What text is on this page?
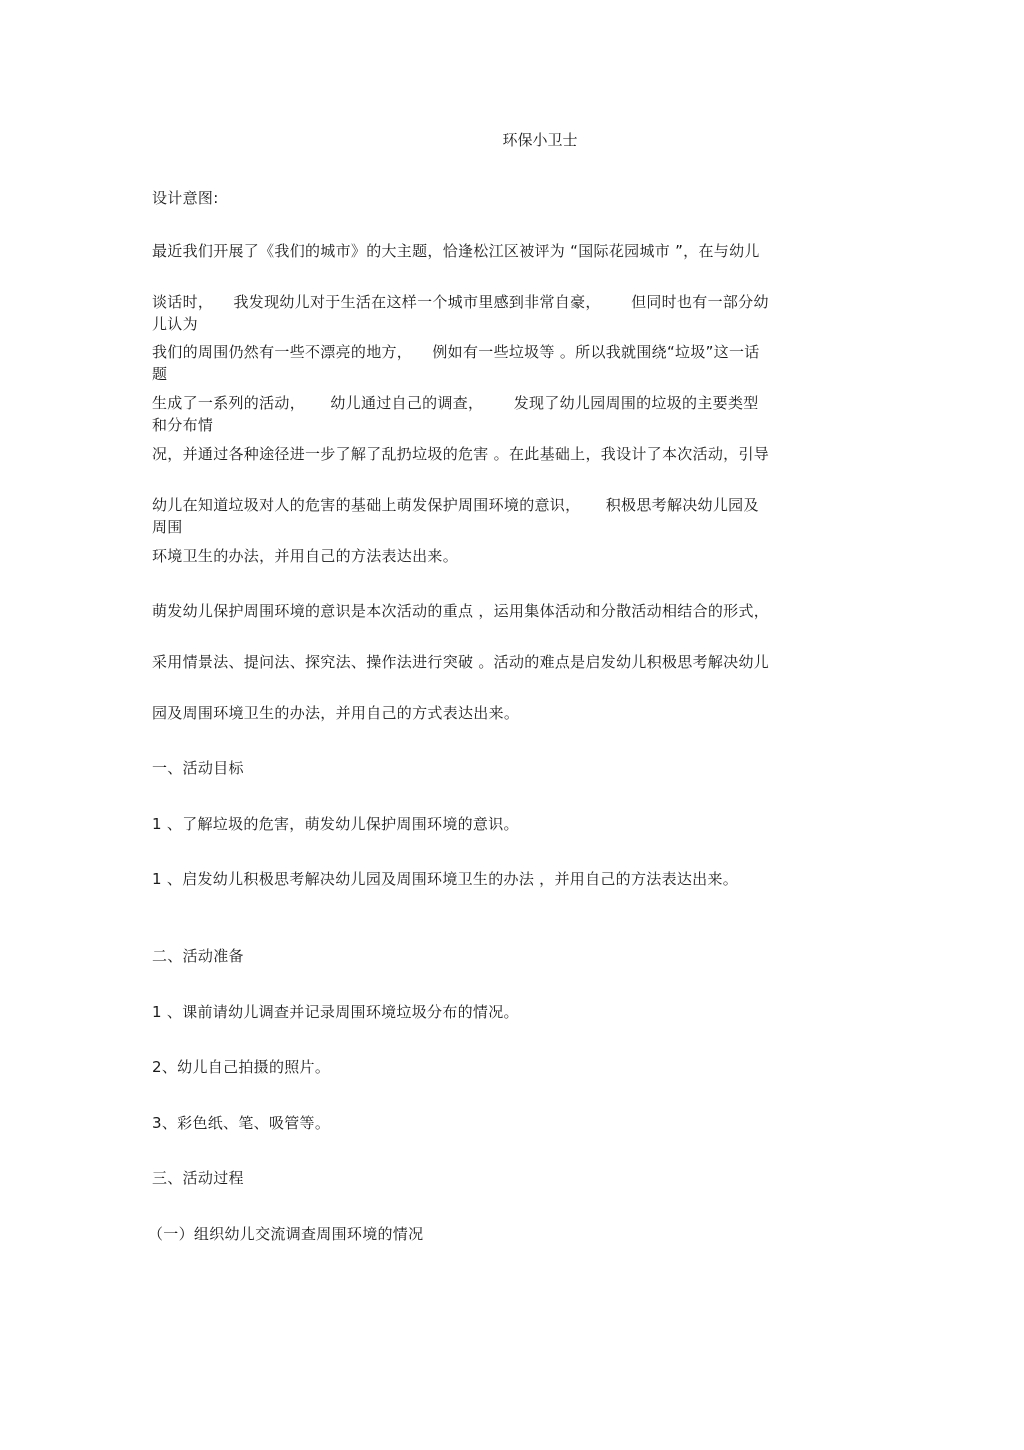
环保小卫士
设计意图:
最近我们开展了《我们的城市》的大主题，恰逢松江区被评为 “国际花园城市 ”，在与幼儿
谈话时，    我发现幼儿对于生活在这样一个城市里感到非常自豪，      但同时也有一部分幼儿认为
我们的周围仍然有一些不漂亮的地方，    例如有一些垃圾等 。所以我就围绕“垃圾”这一话题
生成了一系列的活动，     幼儿通过自己的调查，      发现了幼儿园周围的垃圾的主要类型和分布情
况，并通过各种途径进一步了解了乱扔垃圾的危害 。在此基础上，我设计了本次活动，引导
幼儿在知道垃圾对人的危害的基础上萌发保护周围环境的意识，     积极思考解决幼儿园及周围
环境卫生的办法，并用自己的方法表达出来。
萌发幼儿保护周围环境的意识是本次活动的重点 ，运用集体活动和分散活动相结合的形式，
采用情景法、提问法、探究法、操作法进行突破 。活动的难点是启发幼儿积极思考解决幼儿
园及周围环境卫生的办法，并用自己的方式表达出来。
一、活动目标
1 、了解垃圾的危害，萌发幼儿保护周围环境的意识。
1 、启发幼儿积极思考解决幼儿园及周围环境卫生的办法 ，并用自己的方法表达出来。
二、活动准备
1 、课前请幼儿调查并记录周围环境垃圾分布的情况。
2、幼儿自己拍摄的照片。
3、彩色纸、笔、吸管等。
三、活动过程
（一）组织幼儿交流调查周围环境的情况
